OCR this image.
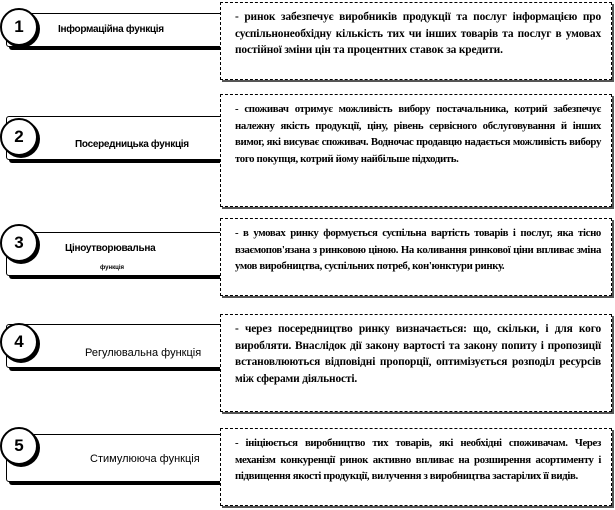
1	Інформаційна функція

- ринок забезпечує виробників продукції та послуг інформацією про суспільнонеобхідну кількість тих чи інших товарів та послуг в умовах постійної зміни цін та процентних ставок за кредити.

2	Посередницька функція

- споживач отримує можливість вибору постачальника, котрий забезпечує належну якість продукції, ціну, рівень сервісного обслуговування й інших вимог, які висуває споживач. Водночас продавцю надається можливість вибору того покупця, котрий йому найбільше підходить.

3	Ціноутворювальна
функція

- в умовах ринку формується суспільна вартість товарів і послуг, яка тісно взаємопов'язана з ринковою ціною. На коливання ринкової ціни впливає зміна умов виробництва, суспільних потреб, кон'юнктури ринку.

4
Регулювальна функція

- через посередництво ринку визначається: що, скільки, і для кого виробляти. Внаслідок дії закону вартості та закону попиту і пропозиції встановлюються відповідні пропорції, оптимізується розподіл ресурсів між сферами діяльності.

5
Стимулююча функція

- ініціюється виробництво тих товарів, які необхідні споживачам. Через механізм конкуренції ринок активно впливає на розширення асортименту і підвищення якості продукції, вилучення з виробництва застарілих її видів.
